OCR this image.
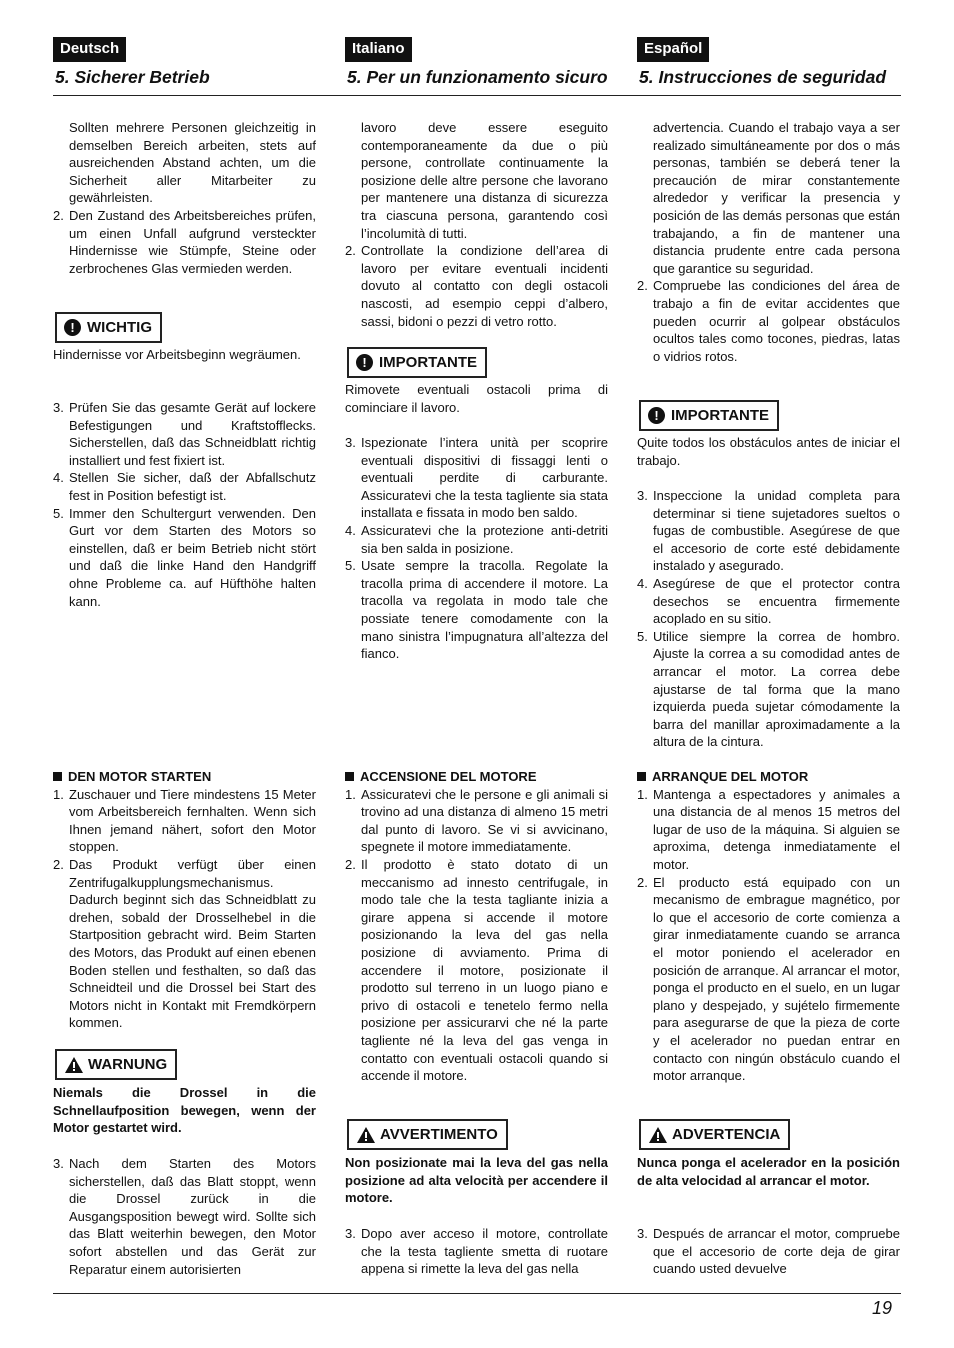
Deutsch
5. Sicherer Betrieb
Sollten mehrere Personen gleichzeitig in demselben Bereich arbeiten, stets auf ausreichenden Abstand achten, um die Sicherheit aller Mitarbeiter zu gewährleisten.
2. Den Zustand des Arbeitsbereiches prüfen, um einen Unfall aufgrund versteckter Hindernisse wie Stümpfe, Steine oder zerbrochenes Glas vermieden werden.
! WICHTIG
Hindernisse vor Arbeitsbeginn wegräumen.
3. Prüfen Sie das gesamte Gerät auf lockere Befestigungen und Kraftstofflecks. Sicherstellen, daß das Schneidblatt richtig installiert und fest fixiert ist.
4. Stellen Sie sicher, daß der Abfallschutz fest in Position befestigt ist.
5. Immer den Schultergurt verwenden. Den Gurt vor dem Starten des Motors so einstellen, daß er beim Betrieb nicht stört und daß die linke Hand den Handgriff ohne Probleme ca. auf Hüfthöhe halten kann.
DEN MOTOR STARTEN
1. Zuschauer und Tiere mindestens 15 Meter vom Arbeitsbereich fernhalten. Wenn sich Ihnen jemand nähert, sofort den Motor stoppen.
2. Das Produkt verfügt über einen Zentrifugalkupplungsmechanismus. Dadurch beginnt sich das Schneidblatt zu drehen, sobald der Drosselhebel in die Startposition gebracht wird. Beim Starten des Motors, das Produkt auf einen ebenen Boden stellen und festhalten, so daß das Schneidteil und die Drossel bei Start des Motors nicht in Kontakt mit Fremdkörpern kommen.
WARNUNG
Niemals die Drossel in die Schnellaufposition bewegen, wenn der Motor gestartet wird.
3. Nach dem Starten des Motors sicherstellen, daß das Blatt stoppt, wenn die Drossel zurück in die Ausgangsposition bewegt wird. Sollte sich das Blatt weiterhin bewegen, den Motor sofort abstellen und das Gerät zur Reparatur einem autorisierten
Italiano
5. Per un funzionamento sicuro
lavoro deve essere eseguito contemporaneamente da due o più persone, controllate continuamente la posizione delle altre persone che lavorano per mantenere una distanza di sicurezza tra ciascuna persona, garantendo così l’incolumità di tutti.
2. Controllate la condizione dell’area di lavoro per evitare eventuali incidenti dovuto al contatto con degli ostacoli nascosti, ad esempio ceppi d’albero, sassi, bidoni o pezzi di vetro rotto.
! IMPORTANTE
Rimovete eventuali ostacoli prima di cominciare il lavoro.
3. Ispezionate l’intera unità per scoprire eventuali dispositivi di fissaggi lenti o eventuali perdite di carburante. Assicuratevi che la testa tagliente sia stata installata e fissata in modo ben saldo.
4. Assicuratevi che la protezione anti-detriti sia ben salda in posizione.
5. Usate sempre la tracolla. Regolate la tracolla prima di accendere il motore. La tracolla va regolata in modo tale che possiate tenere comodamente con la mano sinistra l’impugnatura all’altezza del fianco.
ACCENSIONE DEL MOTORE
1. Assicuratevi che le persone e gli animali si trovino ad una distanza di almeno 15 metri dal punto di lavoro. Se vi si avvicinano, spegnete il motore immediatamente.
2. Il prodotto è stato dotato di un meccanismo ad innesto centrifugale, in modo tale che la testa tagliante inizia a girare appena si accende il motore posizionando la leva del gas nella posizione di avviamento. Prima di accendere il motore, posizionate il prodotto sul terreno in un luogo piano e privo di ostacoli e tenetelo fermo nella posizione per assicurarvi che né la parte tagliente né la leva del gas venga in contatto con eventuali ostacoli quando si accende il motore.
AVVERTIMENTO
Non posizionate mai la leva del gas nella posizione ad alta velocità per accendere il motore.
3. Dopo aver acceso il motore, controllate che la testa tagliente smetta di ruotare appena si rimette la leva del gas nella
Español
5. Instrucciones de seguridad
advertencia. Cuando el trabajo vaya a ser realizado simultáneamente por dos o más personas, también se deberá tener la precaución de mirar constantemente alrededor y verificar la presencia y posición de las demás personas que están trabajando, a fin de mantener una distancia prudente entre cada persona que garantice su seguridad.
2. Compruebe las condiciones del área de trabajo a fin de evitar accidentes que pueden ocurrir al golpear obstáculos ocultos tales como tocones, piedras, latas o vidrios rotos.
! IMPORTANTE
Quite todos los obstáculos antes de iniciar el trabajo.
3. Inspeccione la unidad completa para determinar si tiene sujetadores sueltos o fugas de combustible. Asegúrese de que el accesorio de corte esté debidamente instalado y asegurado.
4. Asegúrese de que el protector contra desechos se encuentra firmemente acoplado en su sitio.
5. Utilice siempre la correa de hombro. Ajuste la correa a su comodidad antes de arrancar el motor. La correa debe ajustarse de tal forma que la mano izquierda pueda sujetar cómodamente la barra del manillar aproximadamente a la altura de la cintura.
ARRANQUE DEL MOTOR
1. Mantenga a espectadores y animales a una distancia de al menos 15 metros del lugar de uso de la máquina. Si alguien se aproxima, detenga inmediatamente el motor.
2. El producto está equipado con un mecanismo de embrague magnético, por lo que el accesorio de corte comienza a girar inmediatamente cuando se arranca el motor poniendo el acelerador en posición de arranque. Al arrancar el motor, ponga el producto en el suelo, en un lugar plano y despejado, y sujételo firmemente para asegurarse de que la pieza de corte y el acelerador no puedan entrar en contacto con ningún obstáculo cuando el motor arranque.
ADVERTENCIA
Nunca ponga el acelerador en la posición de alta velocidad al arrancar el motor.
3. Después de arrancar el motor, compruebe que el accesorio de corte deja de girar cuando usted devuelve
19
